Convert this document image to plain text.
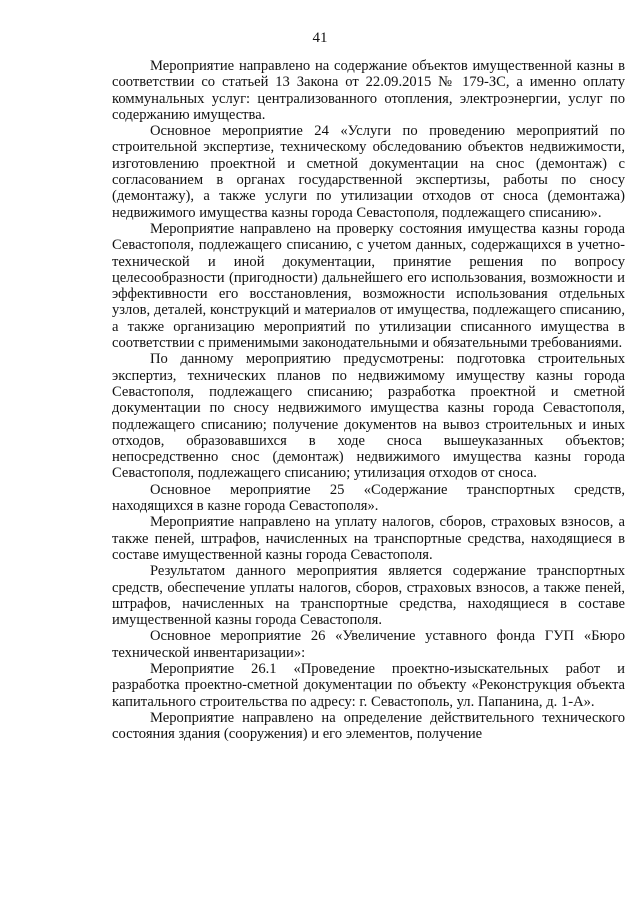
41

Мероприятие направлено на содержание объектов имущественной казны в соответствии со статьей 13 Закона от 22.09.2015 № 179-ЗС, а именно оплату коммунальных услуг: централизованного отопления, электроэнергии, услуг по содержанию имущества.

Основное мероприятие 24 «Услуги по проведению мероприятий по строительной экспертизе, техническому обследованию объектов недвижимости, изготовлению проектной и сметной документации на снос (демонтаж) с согласованием в органах государственной экспертизы, работы по сносу (демонтажу), а также услуги по утилизации отходов от сноса (демонтажа) недвижимого имущества казны города Севастополя, подлежащего списанию».

Мероприятие направлено на проверку состояния имущества казны города Севастополя, подлежащего списанию, с учетом данных, содержащихся в учетно-технической и иной документации, принятие решения по вопросу целесообразности (пригодности) дальнейшего его использования, возможности и эффективности его восстановления, возможности использования отдельных узлов, деталей, конструкций и материалов от имущества, подлежащего списанию, а также организацию мероприятий по утилизации списанного имущества в соответствии с применимыми законодательными и обязательными требованиями.

По данному мероприятию предусмотрены: подготовка строительных экспертиз, технических планов по недвижимому имуществу казны города Севастополя, подлежащего списанию; разработка проектной и сметной документации по сносу недвижимого имущества казны города Севастополя, подлежащего списанию; получение документов на вывоз строительных и иных отходов, образовавшихся в ходе сноса вышеуказанных объектов; непосредственно снос (демонтаж) недвижимого имущества казны города Севастополя, подлежащего списанию; утилизация отходов от сноса.

Основное мероприятие 25 «Содержание транспортных средств, находящихся в казне города Севастополя».

Мероприятие направлено на уплату налогов, сборов, страховых взносов, а также пеней, штрафов, начисленных на транспортные средства, находящиеся в составе имущественной казны города Севастополя.

Результатом данного мероприятия является содержание транспортных средств, обеспечение уплаты налогов, сборов, страховых взносов, а также пеней, штрафов, начисленных на транспортные средства, находящиеся в составе имущественной казны города Севастополя.

Основное мероприятие 26 «Увеличение уставного фонда ГУП «Бюро технической инвентаризации»:

Мероприятие 26.1 «Проведение проектно-изыскательных работ и разработка проектно-сметной документации по объекту «Реконструкция объекта капитального строительства по адресу: г. Севастополь, ул. Папанина, д. 1-А».

Мероприятие направлено на определение действительного технического состояния здания (сооружения) и его элементов, получение
